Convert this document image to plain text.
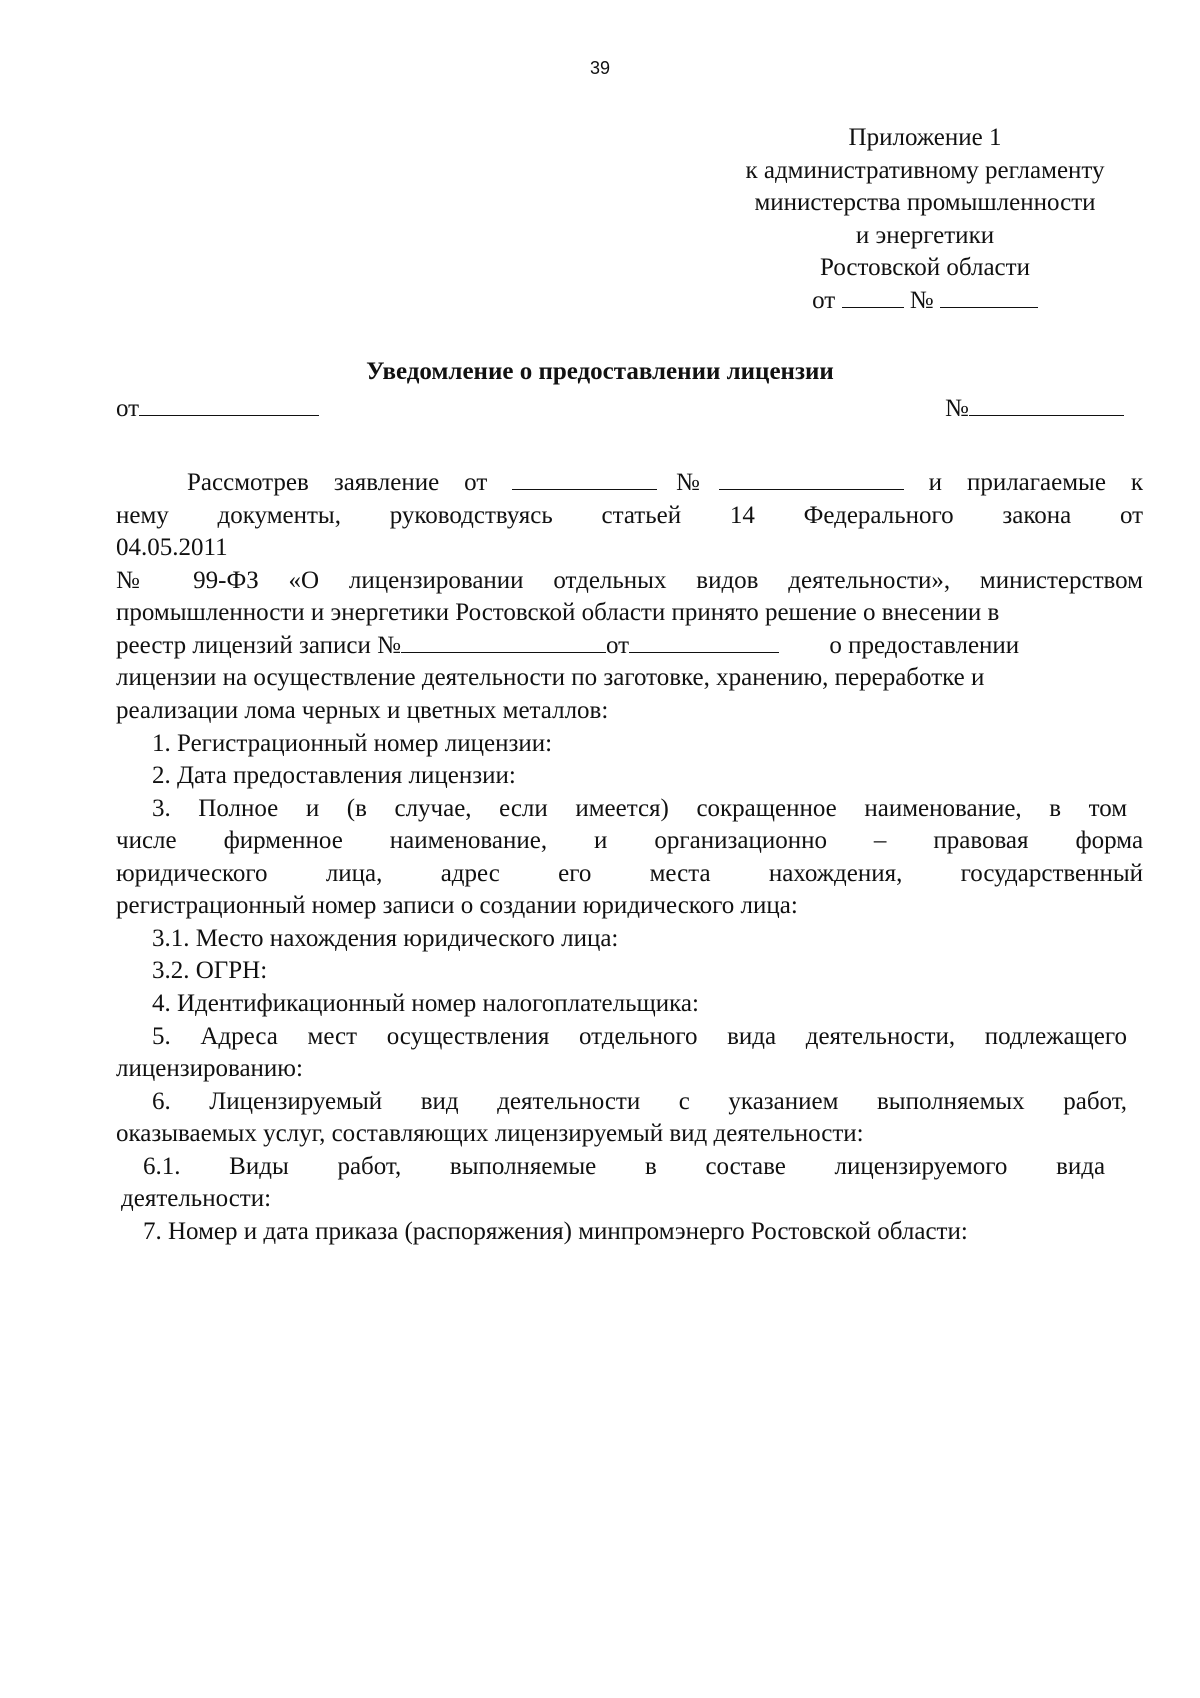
39
Приложение 1
к административному регламенту
министерства промышленности
и энергетики
Ростовской области
от	№
Уведомление о предоставлении лицензии
от	№
Рассмотрев заявление от	№	и прилагаемые к
нему документы, руководствуясь статьей 14 Федерального закона от
04.05.2011
№ 99-ФЗ «О лицензировании отдельных видов деятельности», министерством
промышленности и энергетики Ростовской области принято решение о внесении в
реестр лицензий записи №	от	о предоставлении
лицензии на осуществление деятельности по заготовке, хранению, переработке и
реализации лома черных и цветных металлов:
1. Регистрационный номер лицензии:
2. Дата предоставления лицензии:
3. Полное и (в случае, если имеется) сокращенное наименование, в том
числе фирменное наименование, и организационно – правовая форма
юридического лица, адрес его места нахождения, государственный
регистрационный номер записи о создании юридического лица:
3.1. Место нахождения юридического лица:
3.2. ОГРН:
4. Идентификационный номер налогоплательщика:
5. Адреса мест осуществления отдельного вида деятельности, подлежащего
лицензированию:
6. Лицензируемый вид деятельности с указанием выполняемых работ,
оказываемых услуг, составляющих лицензируемый вид деятельности:
6.1. Виды работ, выполняемые в составе лицензируемого вида
деятельности:
7. Номер и дата приказа (распоряжения) минпромэнерго Ростовской области:
